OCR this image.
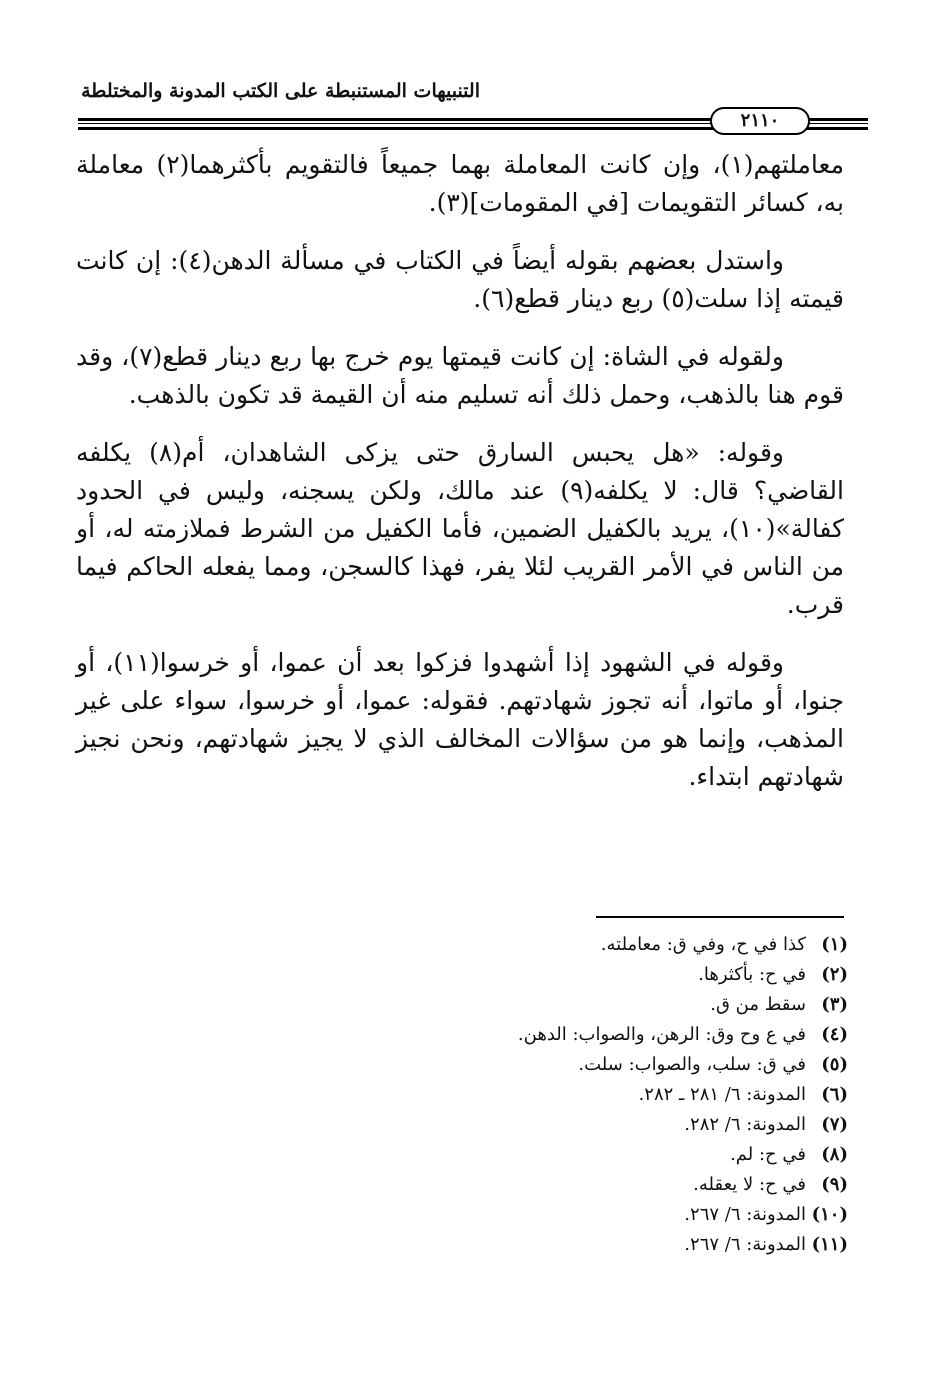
التنبيهات المستنبطة على الكتب المدونة والمختلطة
٢١١٠

معاملتهم(١)، وإن كانت المعاملة بهما جميعاً فالتقويم بأكثرهما(٢) معاملة به، كسائر التقويمات [في المقومات](٣).

واستدل بعضهم بقوله أيضاً في الكتاب في مسألة الدهن(٤): إن كانت قيمته إذا سلت(٥) ربع دينار قطع(٦).

ولقوله في الشاة: إن كانت قيمتها يوم خرج بها ربع دينار قطع(٧)، وقد قوم هنا بالذهب، وحمل ذلك أنه تسليم منه أن القيمة قد تكون بالذهب.

وقوله: «هل يحبس السارق حتى يزكى الشاهدان، أم(٨) يكلفه القاضي؟ قال: لا يكلفه(٩) عند مالك، ولكن يسجنه، وليس في الحدود كفالة»(١٠)، يريد بالكفيل الضمين، فأما الكفيل من الشرط فملازمته له، أو من الناس في الأمر القريب لئلا يفر، فهذا كالسجن، ومما يفعله الحاكم فيما قرب.

وقوله في الشهود إذا أشهدوا فزكوا بعد أن عموا، أو خرسوا(١١)، أو جنوا، أو ماتوا، أنه تجوز شهادتهم. فقوله: عموا، أو خرسوا، سواء على غير المذهب، وإنما هو من سؤالات المخالف الذي لا يجيز شهادتهم، ونحن نجيز شهادتهم ابتداء.

(١)
كذا في ح، وفي ق: معاملته.
(٢)
في ح: بأكثرها.
(٣)
سقط من ق.
(٤)
في ع وح وق: الرهن، والصواب: الدهن.
(٥)
في ق: سلب، والصواب: سلت.
(٦)
المدونة: ٦/ ٢٨١ ـ ٢٨٢.
(٧)
المدونة: ٦/ ٢٨٢.
(٨)
في ح: لم.
(٩)
في ح: لا يعقله.
(١٠)
المدونة: ٦/ ٢٦٧.
(١١)
المدونة: ٦/ ٢٦٧.
